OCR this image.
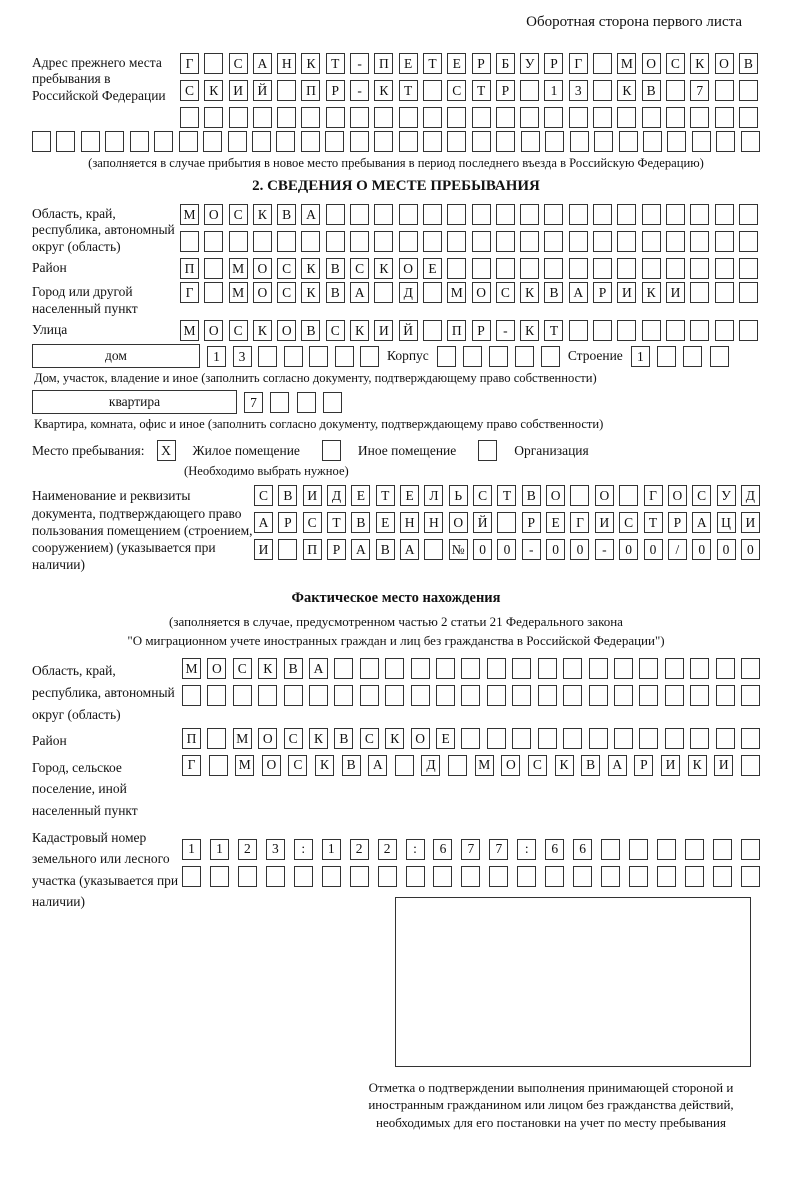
Оборотная сторона первого листа
Адрес прежнего места пребывания в Российской Федерации
Г	С	А	Н	К	Т	-	П	Е	Т	Е	Р	Б	У	Р	Г	М О	С	К	О	В
С	К	И	Й	П	Р	-	К	Т	С	Т	Р	1	3	К	В	7
(заполняется в случае прибытия в новое место пребывания в период последнего въезда в Российскую Федерацию)
2. СВЕДЕНИЯ О МЕСТЕ ПРЕБЫВАНИЯ
Область, край, республика, автономный округ (область)
М О	С	К	В	А
Район	П	М О	С	К	В	С	К	О	Е
Город или другой населенный пункт
Г	М О	С	К	В	А	Д	М О	С	К	В	А	Р	И	К	И
Улица	М О	С	К	О	В	С	К	И	Й	П	Р	-	К	Т
дом	1	3	Корпус	Строение	1
Дом, участок, владение и иное (заполнить согласно документу, подтверждающему право собственности)
квартира	7
Квартира, комната, офис и иное (заполнить согласно документу, подтверждающему право собственности)
Место пребывания:	X	Жилое помещение	Иное помещение	Организация
(Необходимо выбрать нужное)
Наименование и реквизиты документа, подтверждающего право пользования помещением (строением, сооружением) (указывается при наличии)
С	В	И	Д	Е	Т	Е	Л	Ь	С	Т	В	О	О	Г	О	С	У	Д
А	Р	С	Т	В	Е	Н	Н	О	Й	Р	Е	Г	И	С	Т	Р	А	Ц	И
И	П	Р	А	В	А	№	0	0	-	0	0	-	0	0	/	0	0	0
Фактическое место нахождения
(заполняется в случае, предусмотренном частью 2 статьи 21 Федерального закона
"О миграционном учете иностранных граждан и лиц без гражданства в Российской Федерации")
Область, край, республика, автономный округ (область)
М	О	С	К	В	А
Район	П	М	О	С	К	В	С	К	О	Е
Город, сельское поселение, иной населенный пункт
Г	М	О	С	К	В	А	Д	М	О	С	К	В	А	Р	И	К	И
Кадастровый номер земельного или лесного участка (указывается при наличии)
1	1	2	3	:	1	2	2	:	6	7	7	:	6	6
Отметка о подтверждении выполнения принимающей стороной и иностранным гражданином или лицом без гражданства действий, необходимых для его постановки на учет по месту пребывания
